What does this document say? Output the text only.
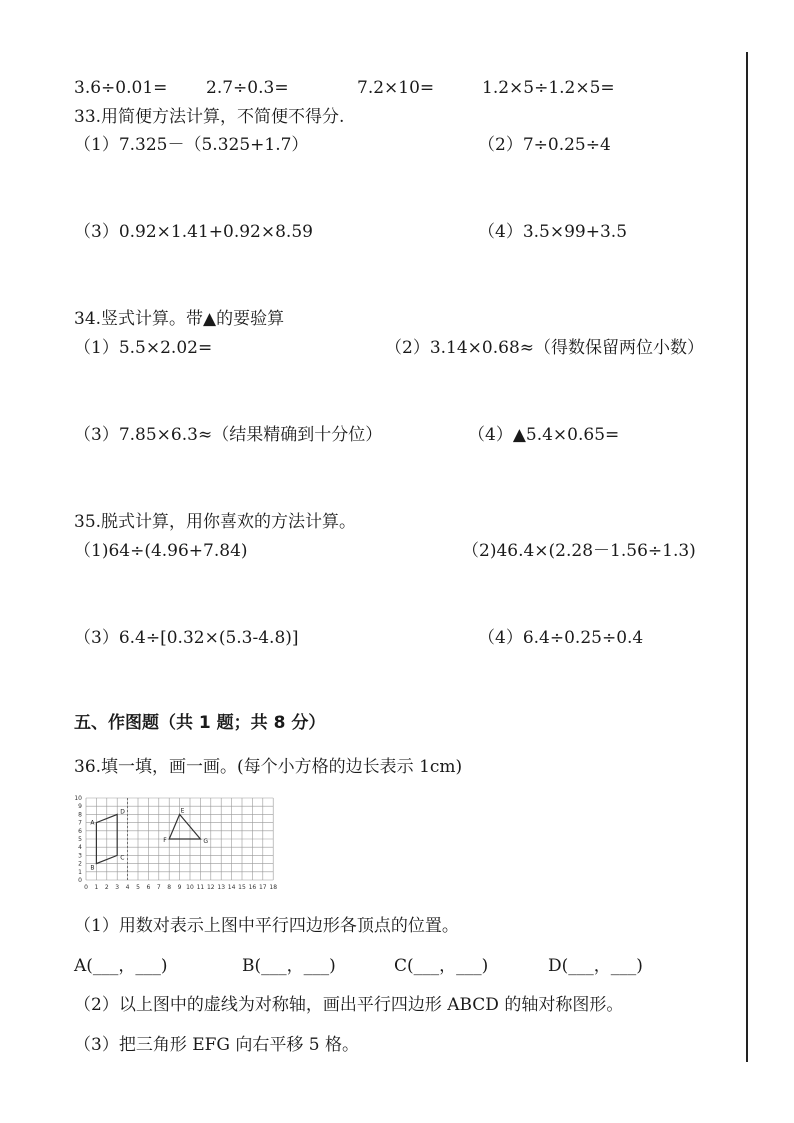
3.6÷0.01= 2.7÷0.3=	7.2×10=	1.2×5÷1.2×5=
33.用简便方法计算，不简便不得分.
（1）7.325－（5.325+1.7）	（2）7÷0.25÷4
（3）0.92×1.41+0.92×8.59	（4）3.5×99+3.5
34.竖式计算。带▲的要验算
（1）5.5×2.02=	（2）3.14×0.68≈（得数保留两位小数）
（3）7.85×6.3≈（结果精确到十分位）	（4）▲5.4×0.65=
35.脱式计算，用你喜欢的方法计算。
（1)64÷(4.96+7.84)	（2)46.4×(2.28－1.56÷1.3)
（3）6.4÷[0.32×(5.3-4.8)]	（4）6.4÷0.25÷0.4
五、作图题（共 1 题；共 8 分）
36.填一填，画一画。(每个小方格的边长表示 1cm)
0 1 2 3 4 5 6 7 8 9 10 11 12 13 14 15 16 17 18
0
1
2
3
4
5
6
7
8
9
10
A
B
C
D	E
F	G
（1）用数对表示上图中平行四边形各顶点的位置。
A(___，___)	B(___，___)	C(___，___)	D(___，___)
（2）以上图中的虚线为对称轴，画出平行四边形 ABCD 的轴对称图形。
（3）把三角形 EFG 向右平移 5 格。
